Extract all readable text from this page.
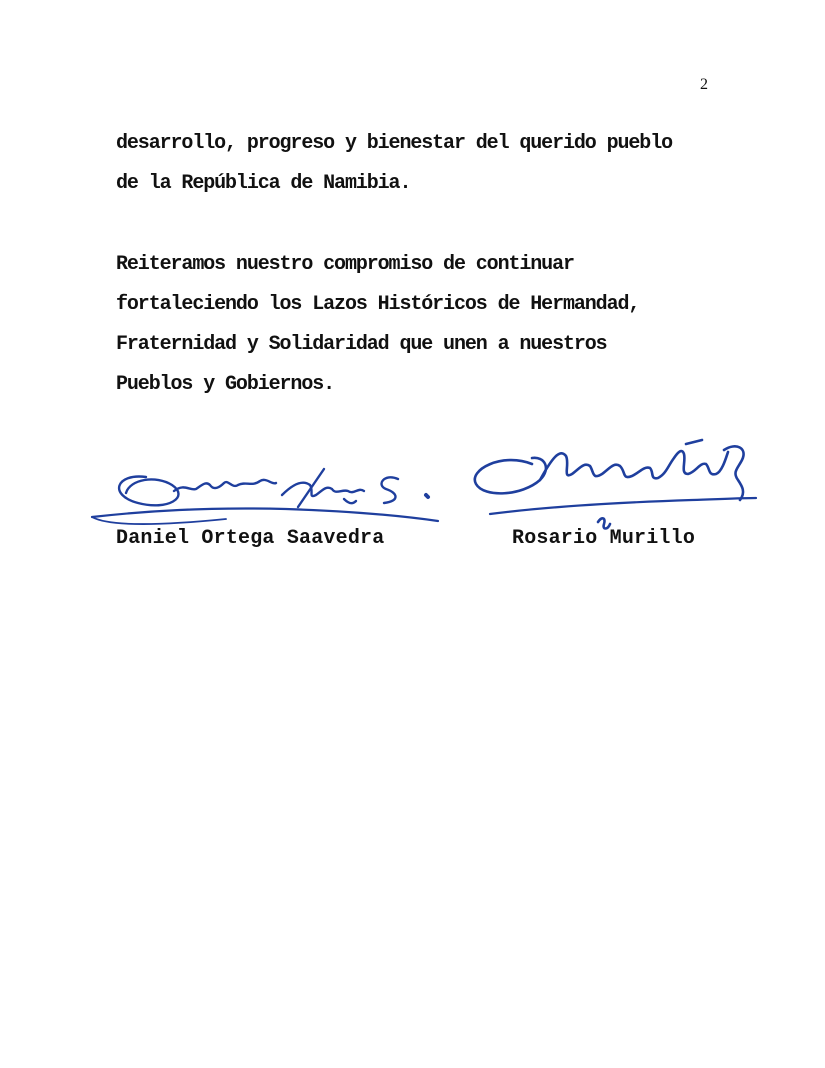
2
desarrollo, progreso y bienestar del querido pueblo
de la República de Namibia.
Reiteramos nuestro compromiso de continuar
fortaleciendo los Lazos Históricos de Hermandad,
Fraternidad y Solidaridad que unen a nuestros
Pueblos y Gobiernos.
Daniel Ortega Saavedra	Rosario Murillo
